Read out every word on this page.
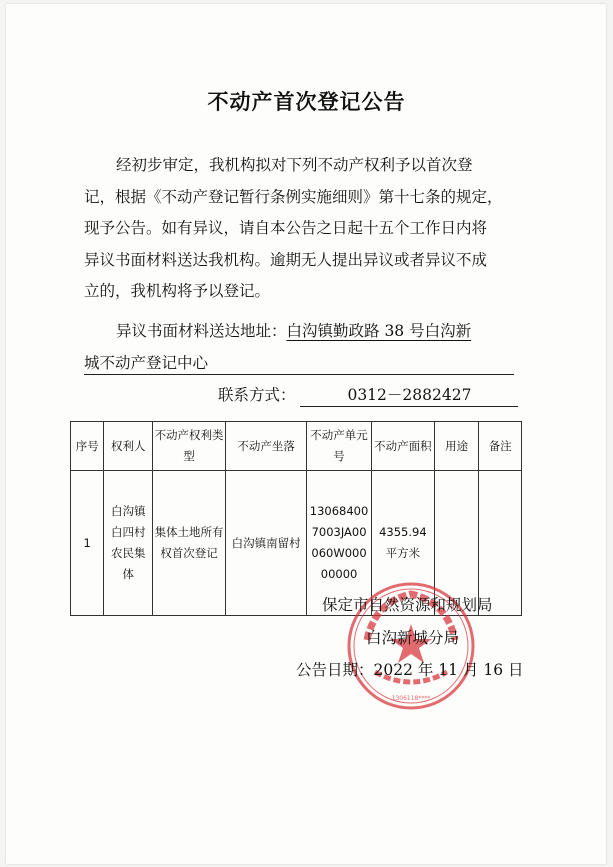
不动产首次登记公告
经初步审定，我机构拟对下列不动产权利予以首次登
记，根据《不动产登记暂行条例实施细则》第十七条的规定，
现予公告。如有异议，请自本公告之日起十五个工作日内将
异议书面材料送达我机构。逾期无人提出异议或者异议不成
立的，我机构将予以登记。
异议书面材料送达地址：白沟镇勤政路 38 号白沟新
城不动产登记中心
联系方式：	0312－2882427
序号	权利人	不动产权利类型	不动产坐落	不动产单元号	不动产面积	用途	备注
1	白沟镇白四村农民集体	集体土地所有权首次登记	白沟镇南留村	130684007003JA00060W00000000	4355.94 平方米		
1306118****
保定市自然资源和规划局
白沟新城分局
公告日期：2022 年 11 月 16 日
